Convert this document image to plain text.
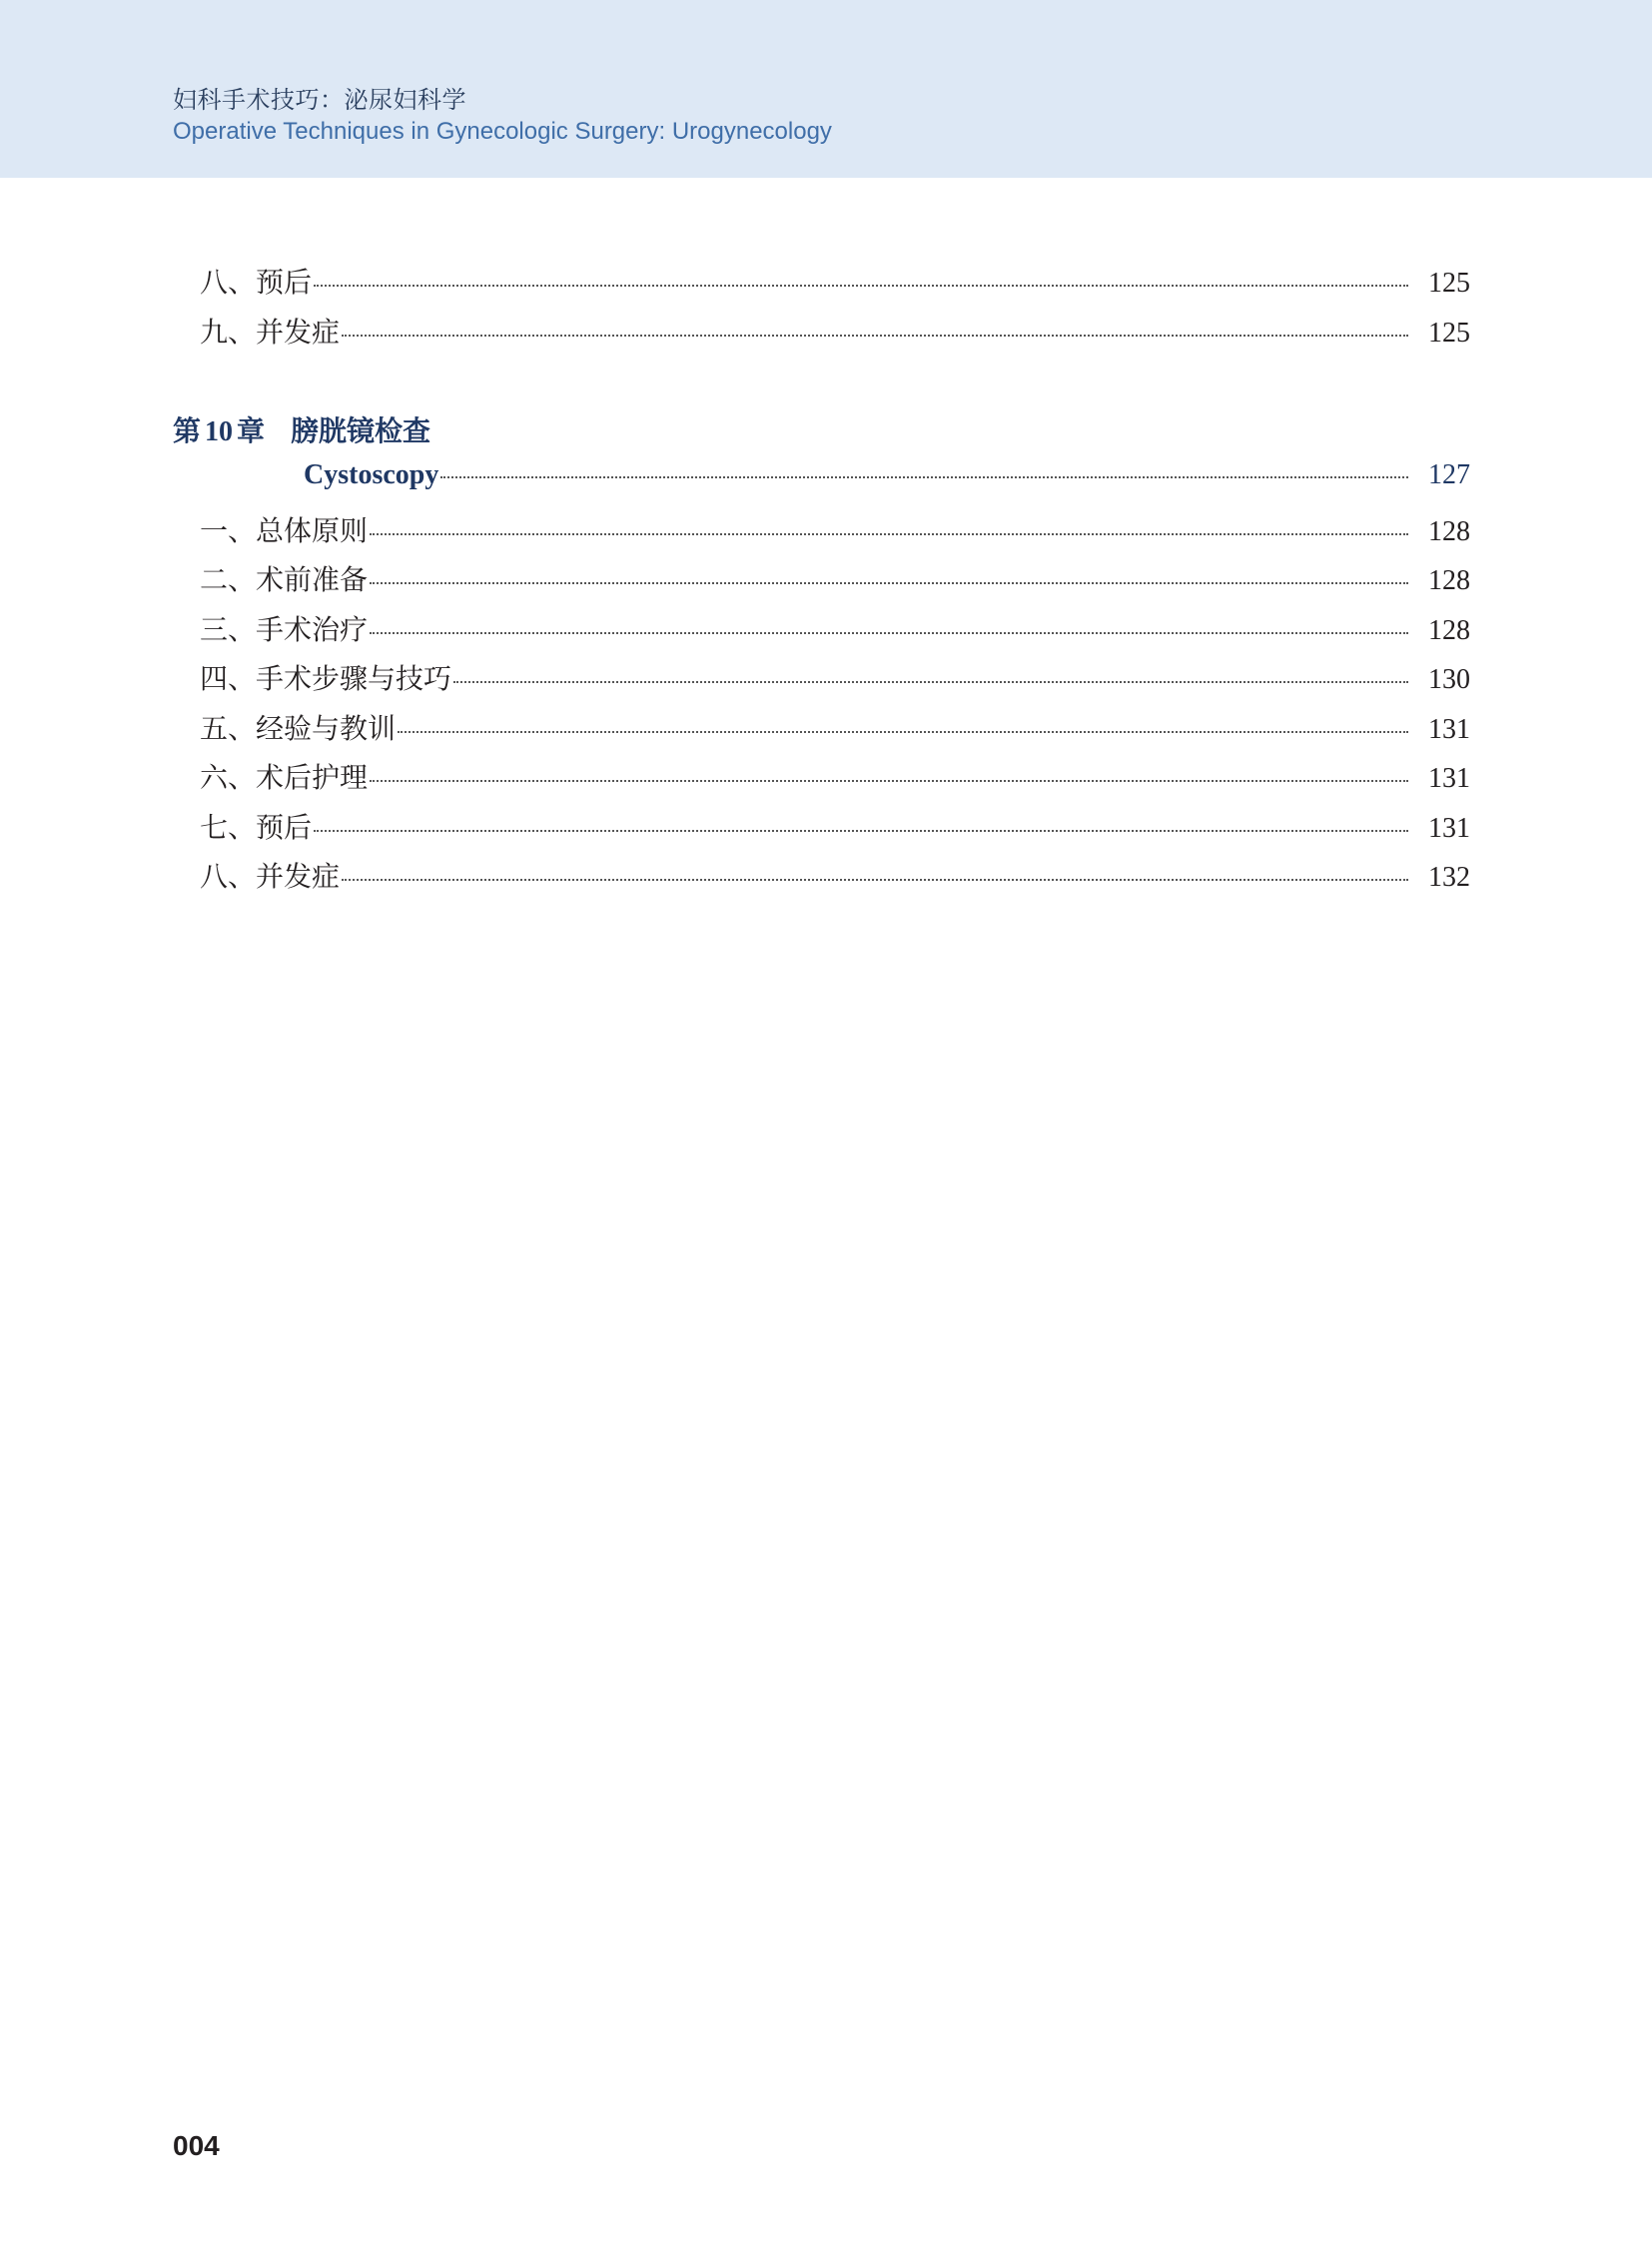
妇科手术技巧：泌尿妇科学
Operative Techniques in Gynecologic Surgery: Urogynecology
八、预后	125
九、并发症	125
第 10 章 膀胱镜检查
Cystoscopy	127
一、总体原则	128
二、术前准备	128
三、手术治疗	128
四、手术步骤与技巧	130
五、经验与教训	131
六、术后护理	131
七、预后	131
八、并发症	132
004
